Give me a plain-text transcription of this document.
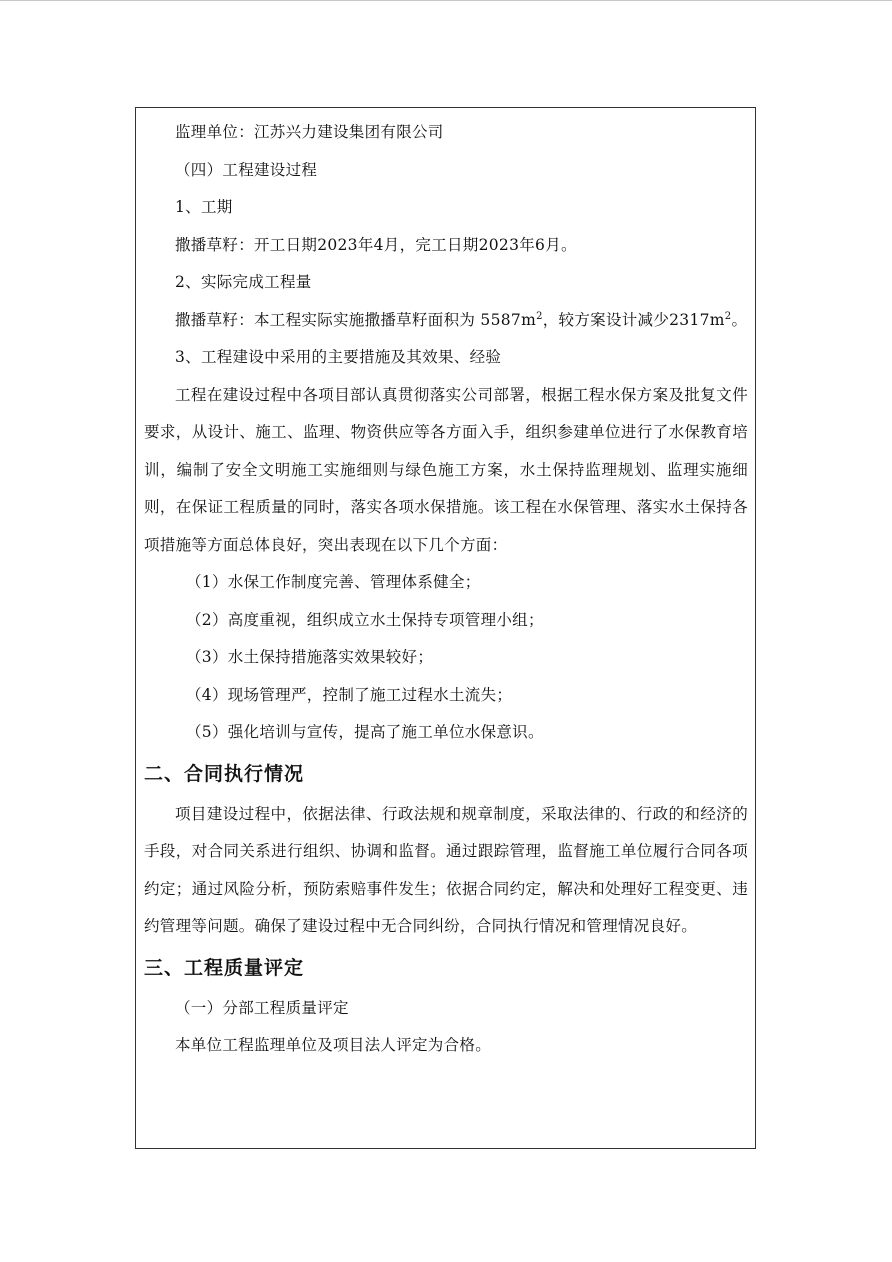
监理单位：江苏兴力建设集团有限公司

（四）工程建设过程

1、工期

撒播草籽：开工日期2023年4月，完工日期2023年6月。

2、实际完成工程量

撒播草籽：本工程实际实施撒播草籽面积为 $5587m^2$，较方案设计减少$2317m^2$。

3、工程建设中采用的主要措施及其效果、经验

工程在建设过程中各项目部认真贯彻落实公司部署，根据工程水保方案及批复文件要求，从设计、施工、监理、物资供应等各方面入手，组织参建单位进行了水保教育培训，编制了安全文明施工实施细则与绿色施工方案，水土保持监理规划、监理实施细则，在保证工程质量的同时，落实各项水保措施。该工程在水保管理、落实水土保持各项措施等方面总体良好，突出表现在以下几个方面：

（1）水保工作制度完善、管理体系健全；

（2）高度重视，组织成立水土保持专项管理小组；

（3）水土保持措施落实效果较好；

（4）现场管理严，控制了施工过程水土流失；

（5）强化培训与宣传，提高了施工单位水保意识。

二、合同执行情况

项目建设过程中，依据法律、行政法规和规章制度，采取法律的、行政的和经济的手段，对合同关系进行组织、协调和监督。通过跟踪管理，监督施工单位履行合同各项约定；通过风险分析，预防索赔事件发生；依据合同约定，解决和处理好工程变更、违约管理等问题。确保了建设过程中无合同纠纷，合同执行情况和管理情况良好。

三、工程质量评定

（一）分部工程质量评定

本单位工程监理单位及项目法人评定为合格。
